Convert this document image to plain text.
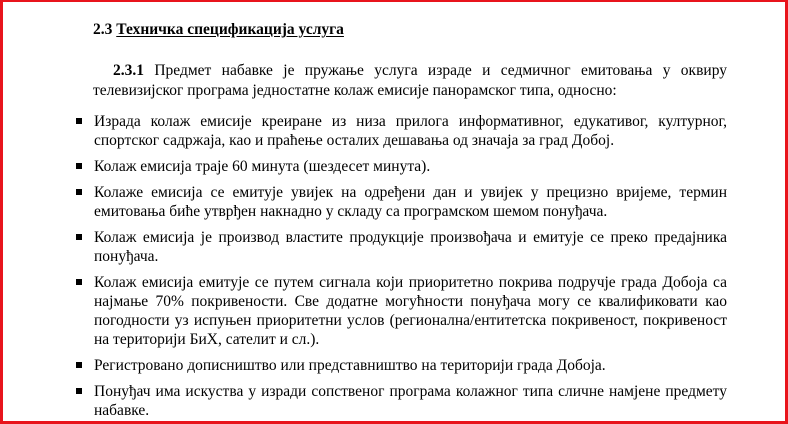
2.3 Техничка спецификација услуга
2.3.1 Предмет набавке је пружање услуга израде и седмичног емитовања у оквиру телевизијског програма једностатне колаж емисије панорамског типа, односно:
Израда колаж емисије креиране из низа прилога информативног, едукативог, културног, спортског садржаја, као и праћење осталих дешавања од значаја за град Добој.
Колаж емисија траје 60 минута (шездесет минута).
Колаже емисија се емитује увијек на одређени дан и увијек у прецизно вријеме, термин емитовања биће утврђен накнадно у складу са програмском шемом понуђача.
Колаж емисија је производ властите продукције произвођача и емитује се преко предајника понуђача.
Колаж емисија емитује се путем сигнала који приоритетно покрива подручје града Добоја са најмање 70% покривености. Све додатне могућности понуђача могу се квалификовати као погодности уз испуњен приоритетни услов (регионална/ентитетска покривеност, покривеност на територији БиХ, сателит и сл.).
Регистровано дописништво или представништво на територији града Добоја.
Понуђач има искуства у изради сопственог програма колажног типа сличне намјене предмету набавке.
